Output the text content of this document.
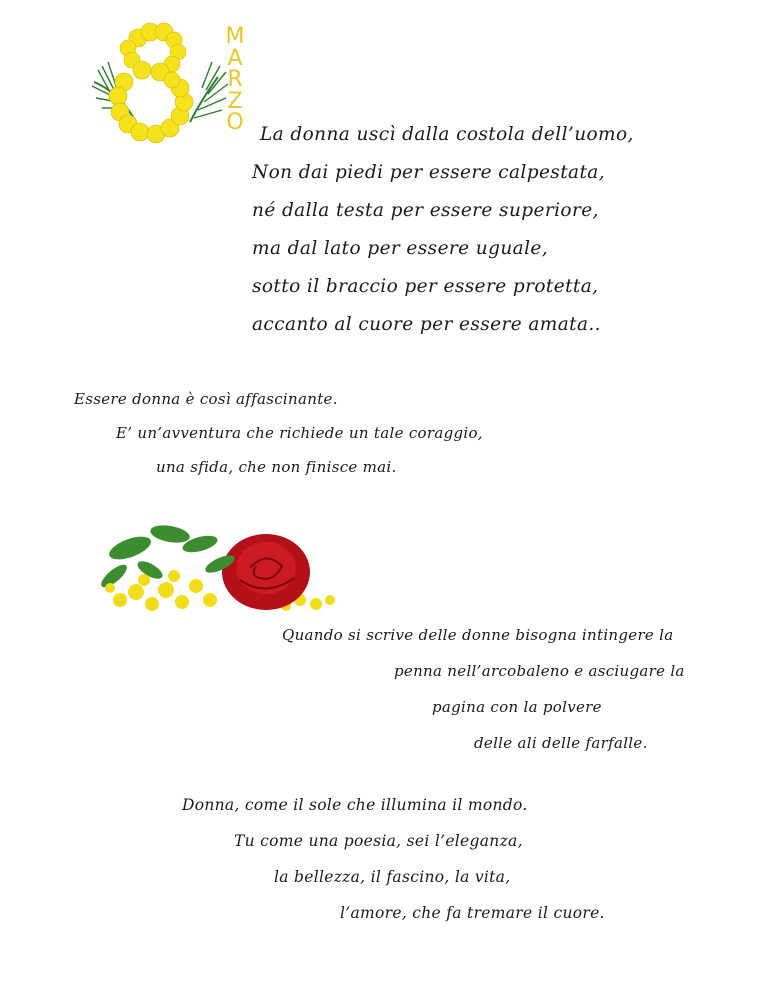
M
A
R
Z
O La donna uscì dalla costola dell’uomo,
Non dai piedi per essere calpestata,
né dalla testa per essere superiore,
ma dal lato per essere uguale,
sotto il braccio per essere protetta,
accanto al cuore per essere amata..
Essere donna è così affascinante.
E’ un’avventura che richiede un tale coraggio,
una sfida, che non finisce mai.
Quando si scrive delle donne bisogna intingere la
penna nell’arcobaleno e asciugare la
pagina con la polvere
delle ali delle farfalle.
Donna, come il sole che illumina il mondo.
Tu come una poesia, sei l’eleganza,
la bellezza, il fascino, la vita,
l’amore, che fa tremare il cuore.
